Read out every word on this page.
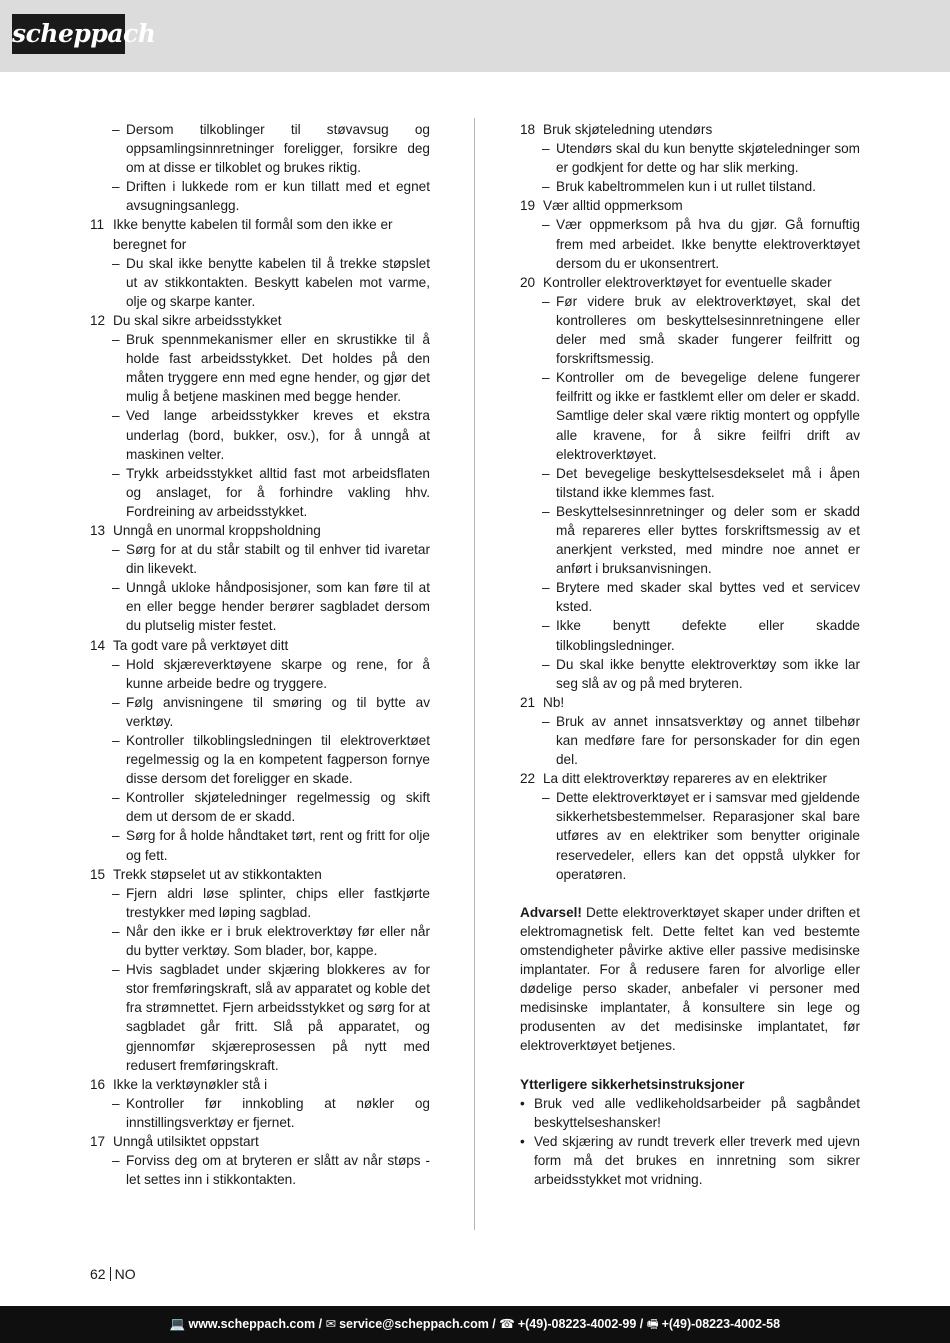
scheppach
– Dersom tilkoblinger til støvavsug og oppsamlingsinnretninger foreligger, forsikre deg om at disse er tilkoblet og brukes riktig.
– Driften i lukkede rom er kun tillatt med et egnet avsugningsanlegg.
11 Ikke benytte kabelen til formål som den ikke er beregnet for
– Du skal ikke benytte kabelen til å trekke støpslet ut av stikkontakten. Beskytt kabelen mot varme, olje og skarpe kanter.
12 Du skal sikre arbeidsstykket
– Bruk spennmekanismer eller en skrustikke til å holde fast arbeidsstykket. Det holdes på den måten tryggere enn med egne hender, og gjør det mulig å betjene maskinen med begge hender.
– Ved lange arbeidsstykker kreves et ekstra underlag (bord, bukker, osv.), for å unngå at maskinen velter.
– Trykk arbeidsstykket alltid fast mot arbeidsflaten og anslaget, for å forhindre vakling hhv. Fordreining av arbeidsstykket.
13 Unngå en unormal kroppsholdning
– Sørg for at du står stabilt og til enhver tid ivaretar din likevekt.
– Unngå ukloke håndposisjoner, som kan føre til at en eller begge hender berører sagbladet dersom du plutselig mister festet.
14 Ta godt vare på verktøyet ditt
– Hold skjæreverktøyene skarpe og rene, for å kunne arbeide bedre og tryggere.
– Følg anvisningene til smøring og til bytte av verktøy.
– Kontroller tilkoblingsledningen til elektroverktøet regelmessig og la en kompetent fagperson fornye disse dersom det foreligger en skade.
– Kontroller skjøteledninger regelmessig og skift dem ut dersom de er skadd.
– Sørg for å holde håndtaket tørt, rent og fritt for olje og fett.
15 Trekk støpselet ut av stikkontakten
– Fjern aldri løse splinter, chips eller fastkjørte trestykker med løping sagblad.
– Når den ikke er i bruk elektroverktøy før eller når du bytter verktøy. Som blader, bor, kappe.
– Hvis sagbladet under skjæring blokkeres av for stor fremføringskraft, slå av apparatet og koble det fra strømnettet. Fjern arbeidsstykket og sørg for at sagbladet går fritt. Slå på apparatet, og gjennomfør skjæreprosessen på nytt med redusert fremføringskraft.
16 Ikke la verktøynøkler stå i
– Kontroller før innkobling at nøkler og innstillingsverktøy er fjernet.
17 Unngå utilsiktet oppstart
– Forviss deg om at bryteren er slått av når støps - let settes inn i stikkontakten.
18 Bruk skjøteledning utendørs
– Utendørs skal du kun benytte skjøteledninger som er godkjent for dette og har slik merking.
– Bruk kabeltrommelen kun i ut rullet tilstand.
19 Vær alltid oppmerksom
– Vær oppmerksom på hva du gjør. Gå fornuftig frem med arbeidet. Ikke benytte elektroverktøyet dersom du er ukonsentrert.
20 Kontroller elektroverktøyet for eventuelle skader
– Før videre bruk av elektroverktøyet, skal det kontrolleres om beskyttelsesinnretningene eller deler med små skader fungerer feilfritt og forskriftsmessig.
– Kontroller om de bevegelige delene fungerer feilfritt og ikke er fastklemt eller om deler er skadd. Samtlige deler skal være riktig montert og oppfylle alle kravene, for å sikre feilfri drift av elektroverktøyet.
– Det bevegelige beskyttelsesdekselet må i åpen tilstand ikke klemmes fast.
– Beskyttelsesinnretninger og deler som er skadd må repareres eller byttes forskriftsmessig av et anerkjent verksted, med mindre noe annet er anført i bruksanvisningen.
– Brytere med skader skal byttes ved et servicev ksted.
– Ikke benytt defekte eller skadde tilkoblingsledninger.
– Du skal ikke benytte elektroverktøy som ikke lar seg slå av og på med bryteren.
21 Nb!
– Bruk av annet innsatsverktøy og annet tilbehør kan medføre fare for personskader for din egen del.
22 La ditt elektroverktøy repareres av en elektriker
– Dette elektroverktøyet er i samsvar med gjeldende sikkerhetsbestemmelser. Reparasjoner skal bare utføres av en elektriker som benytter originale reservedeler, ellers kan det oppstå ulykker for operatøren.
Advarsel! Dette elektroverktøyet skaper under driften et elektromagnetisk felt. Dette feltet kan ved bestemte omstendigheter påvirke aktive eller passive medisinske implantater. For å redusere faren for alvorlige eller dødelige perso skader, anbefaler vi personer med medisinske implantater, å konsultere sin lege og produsenten av det medisinske implantatet, før elektroverktøyet betjenes.
Ytterligere sikkerhetsinstruksjoner
• Bruk ved alle vedlikeholdsarbeider på sagbåndet beskyttelseshansker!
• Ved skjæring av rundt treverk eller treverk med ujevn form må det brukes en innretning som sikrer arbeidsstykket mot vridning.
62 NO
💻 www.scheppach.com / ✉ service@scheppach.com / ☎ +(49)-08223-4002-99 / 🖷 +(49)-08223-4002-58
